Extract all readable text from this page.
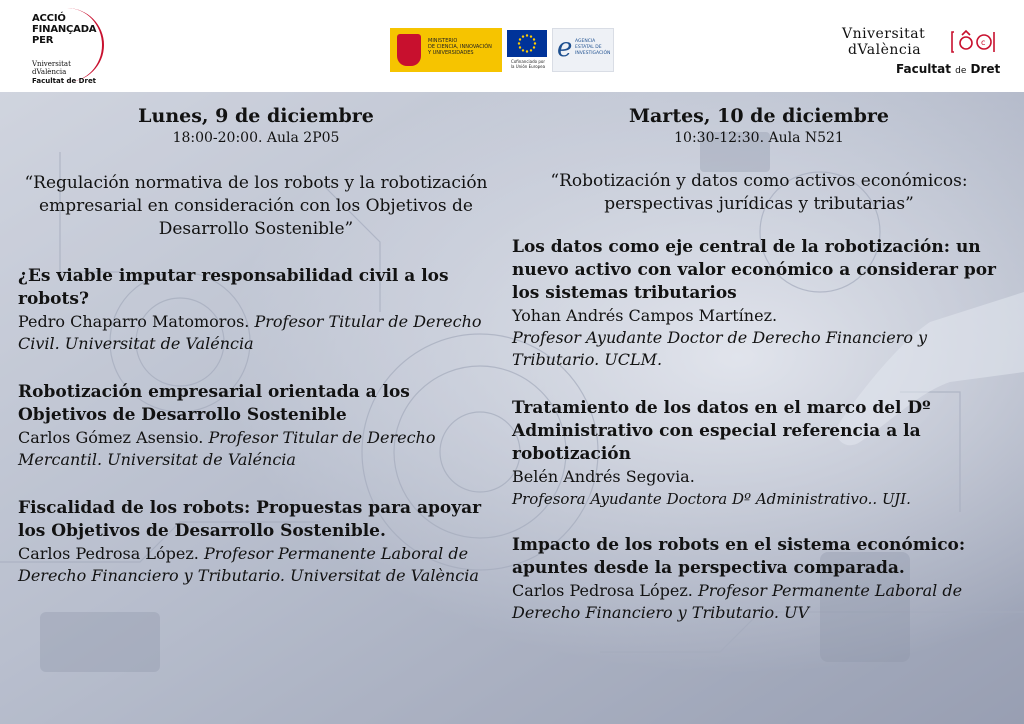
ACCIÓ
FINANÇADA
PER
Vniversitat
dValència
Facultat de Dret
MINISTERIO
DE CIENCIA, INNOVACIÓN
Y UNIVERSIDADES
Cofinanciado por
la Unión Europea
e AGENCIA
ESTATAL DE
INVESTIGACIÓN
Vniversitat
dValència	c
Facultat de Dret
Lunes, 9 de diciembre
18:00-20:00. Aula 2P05
“Regulación normativa de los robots y la robotización empresarial en consideración con los Objetivos de Desarrollo Sostenible”
¿Es viable imputar responsabilidad civil a los robots?
Pedro Chaparro Matomoros. Profesor Titular de Derecho Civil. Universitat de Valéncia
Robotización empresarial orientada a los Objetivos de Desarrollo Sostenible
Carlos Gómez Asensio. Profesor Titular de Derecho Mercantil. Universitat de Valéncia
Fiscalidad de los robots: Propuestas para apoyar los Objetivos de Desarrollo Sostenible.
Carlos Pedrosa López. Profesor Permanente Laboral de Derecho Financiero y Tributario. Universitat de València
Martes, 10 de diciembre
10:30-12:30. Aula N521
“Robotización y datos como activos económicos: perspectivas jurídicas y tributarias”
Los datos como eje central de la robotización: un nuevo activo con valor económico a considerar por los sistemas tributarios
Yohan Andrés Campos Martínez.
Profesor Ayudante Doctor de Derecho Financiero y Tributario. UCLM.
Tratamiento de los datos en el marco del Dº Administrativo con especial referencia a la robotización
Belén Andrés Segovia.
Profesora Ayudante Doctora Dº Administrativo.. UJI.
Impacto de los robots en el sistema económico: apuntes desde la perspectiva comparada.
Carlos Pedrosa López. Profesor Permanente Laboral de Derecho Financiero y Tributario. UV
